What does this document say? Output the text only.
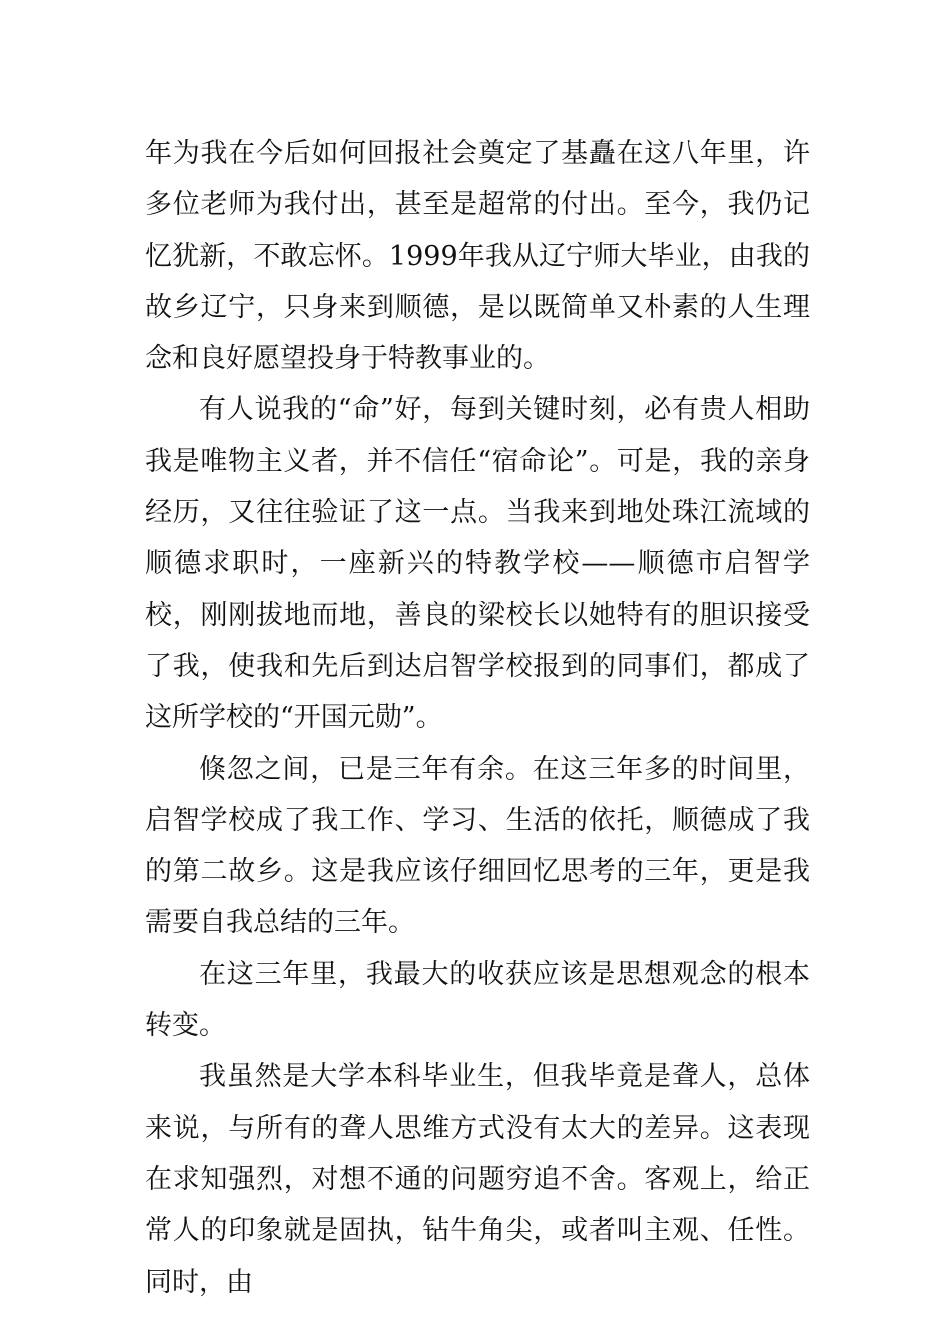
年为我在今后如何回报社会奠定了基矗在这八年里，许多位老师为我付出，甚至是超常的付出。至今，我仍记忆犹新，不敢忘怀。1999年我从辽宁师大毕业，由我的故乡辽宁，只身来到顺德，是以既简单又朴素的人生理念和良好愿望投身于特教事业的。

有人说我的“命”好，每到关键时刻，必有贵人相助我是唯物主义者，并不信任“宿命论”。可是，我的亲身经历，又往往验证了这一点。当我来到地处珠江流域的顺德求职时，一座新兴的特教学校——顺德市启智学校，刚刚拔地而地，善良的梁校长以她特有的胆识接受了我，使我和先后到达启智学校报到的同事们，都成了这所学校的“开国元勋”。

倏忽之间，已是三年有余。在这三年多的时间里，启智学校成了我工作、学习、生活的依托，顺德成了我的第二故乡。这是我应该仔细回忆思考的三年，更是我需要自我总结的三年。

在这三年里，我最大的收获应该是思想观念的根本转变。

我虽然是大学本科毕业生，但我毕竟是聋人，总体来说，与所有的聋人思维方式没有太大的差异。这表现在求知强烈，对想不通的问题穷追不舍。客观上，给正常人的印象就是固执，钻牛角尖，或者叫主观、任性。同时，由
